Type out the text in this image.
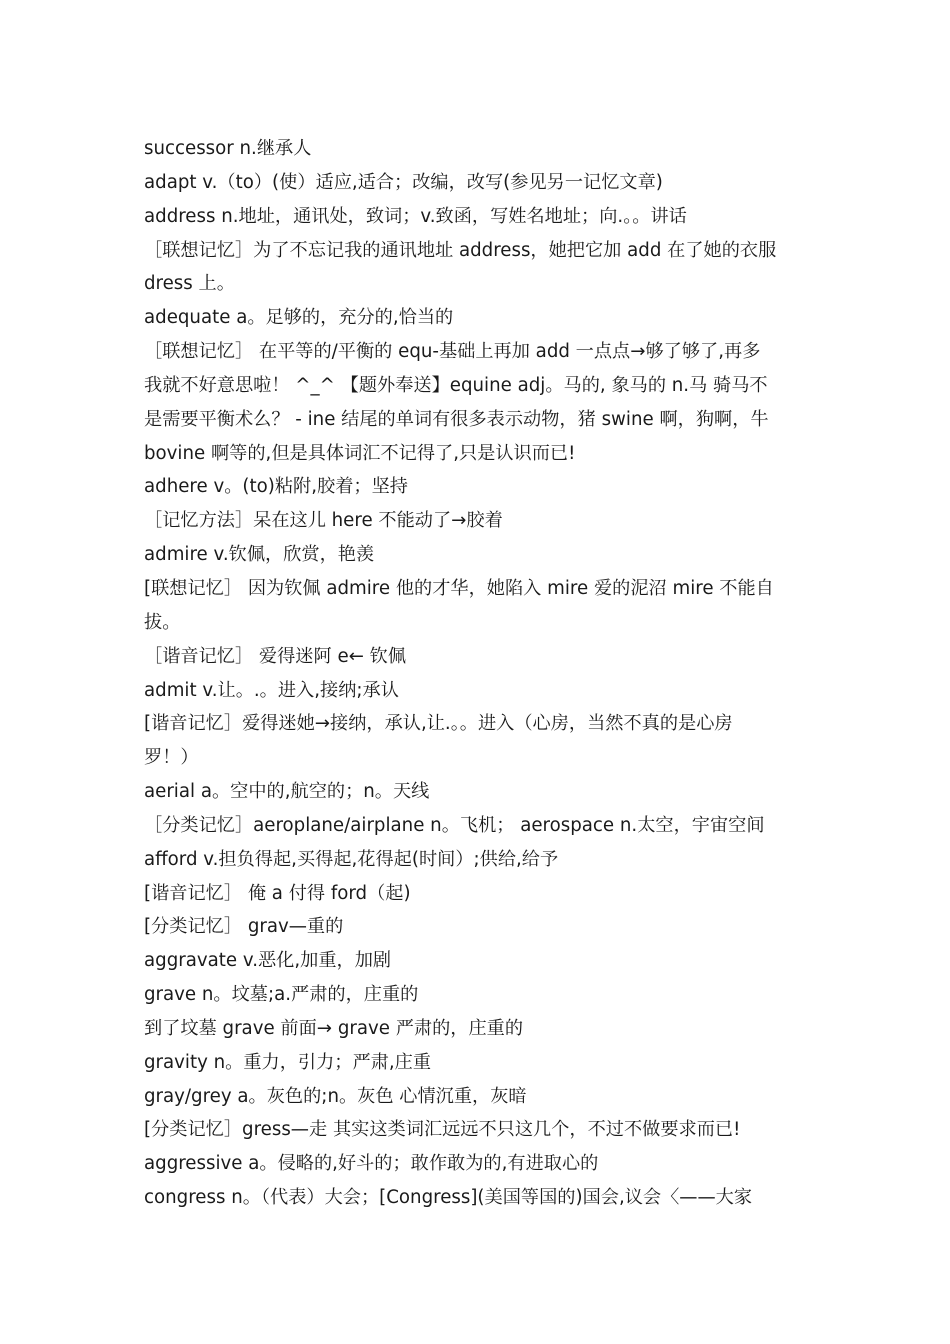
successor n.继承人
adapt v.（to）(使）适应,适合；改编，改写(参见另一记忆文章)
address n.地址，通讯处，致词；v.致函，写姓名地址；向.。。讲话
［联想记忆］为了不忘记我的通讯地址 address，她把它加 add 在了她的衣服
dress 上。
adequate a。足够的，充分的,恰当的
［联想记忆］ 在平等的/平衡的 equ-基础上再加 add 一点点→够了够了,再多
我就不好意思啦！ ^_^ 【题外奉送】equine adj。马的, 象马的 n.马 骑马不
是需要平衡术么？ - ine 结尾的单词有很多表示动物，猪 swine 啊，狗啊，牛
bovine 啊等的,但是具体词汇不记得了,只是认识而已!
adhere v。(to)粘附,胶着；坚持
［记忆方法］呆在这儿 here 不能动了→胶着
admire v.钦佩，欣赏，艳羡
[联想记忆］ 因为钦佩 admire 他的才华，她陷入 mire 爱的泥沼 mire 不能自
拔。
［谐音记忆］ 爱得迷阿 e← 钦佩
admit v.让。.。进入,接纳;承认
[谐音记忆］爱得迷她→接纳，承认,让.。。进入（心房，当然不真的是心房
罗！）
aerial a。空中的,航空的；n。天线
［分类记忆］aeroplane/airplane n。飞机； aerospace n.太空，宇宙空间
afford v.担负得起,买得起,花得起(时间）;供给,给予
[谐音记忆］ 俺 a 付得 ford（起)
[分类记忆］ grav—重的
aggravate v.恶化,加重，加剧
grave n。坟墓;a.严肃的，庄重的
到了坟墓 grave 前面→ grave 严肃的，庄重的
gravity n。重力，引力；严肃,庄重
gray/grey a。灰色的;n。灰色 心情沉重，灰暗
[分类记忆］gress—走 其实这类词汇远远不只这几个，不过不做要求而已!
aggressive a。侵略的,好斗的；敢作敢为的,有进取心的
congress n。（代表）大会；[Congress](美国等国的)国会,议会〈——大家
